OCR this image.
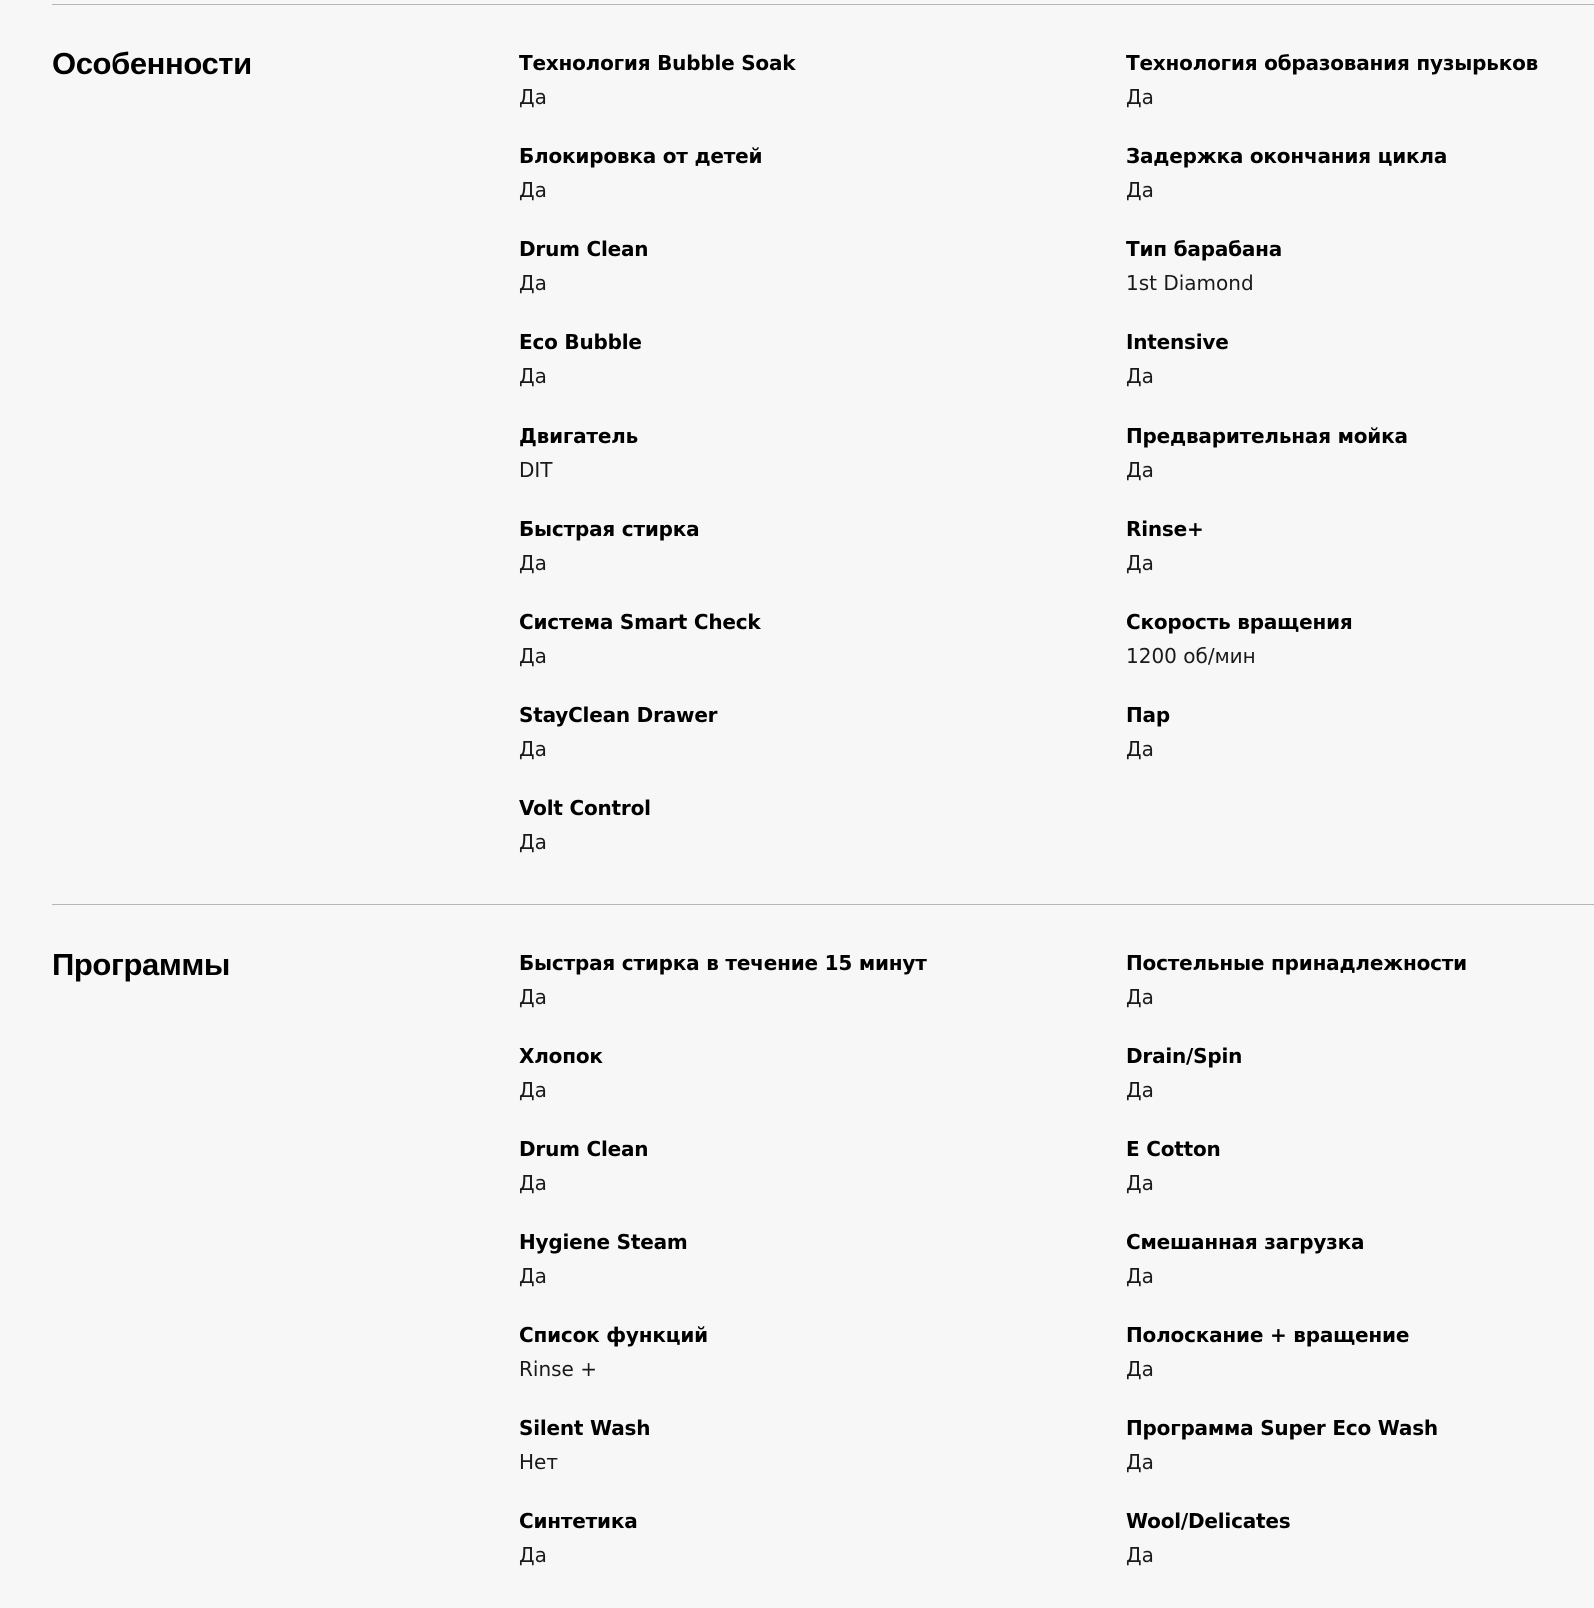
Особенности	Технология Bubble Soak
Да
Блокировка от детей
Да
Drum Clean
Да
Eco Bubble
Да
Двигатель
DIT
Быстрая стирка
Да
Система Smart Check
Да
StayClean Drawer
Да
Volt Control
Да
Технология образования пузырьков
Да
Задержка окончания цикла
Да
Тип барабана
1st Diamond
Intensive
Да
Предварительная мойка
Да
Rinse+
Да
Скорость вращения
1200 об/мин
Пар
Да
Программы	Быстрая стирка в течение 15 минут
Да
Хлопок
Да
Drum Clean
Да
Hygiene Steam
Да
Список функций
Rinse +
Silent Wash
Нет
Синтетика
Да
Постельные принадлежности
Да
Drain/Spin
Да
E Cotton
Да
Смешанная загрузка
Да
Полоскание + вращение
Да
Программа Super Eco Wash
Да
Wool/Delicates
Да
